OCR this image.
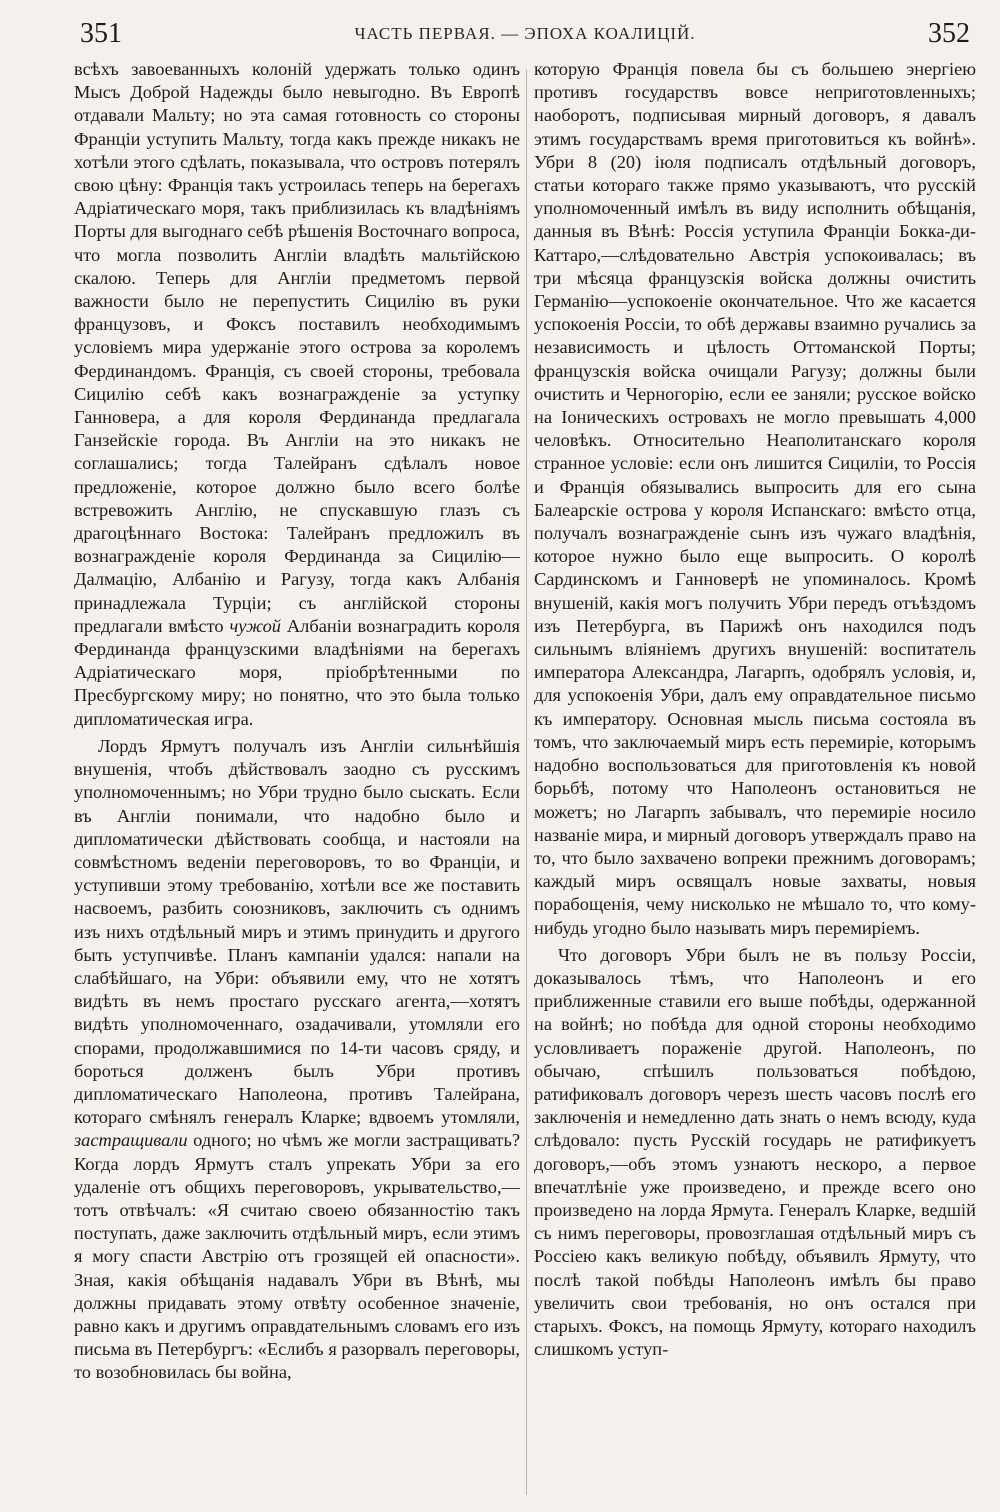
351	ЧАСТЬ ПЕРВАЯ. — ЭПОХА КОАЛИЦІЙ.	352

всѣхъ завоеванныхъ колоній удержать только одинъ Мысъ Доброй Надежды было невыгодно. Въ Европѣ отдавали Мальту; но эта самая готовность со стороны Франціи уступить Мальту, тогда какъ прежде никакъ не хотѣли этого сдѣлать, показывала, что островъ потерялъ свою цѣну: Франція такъ устроилась теперь на берегахъ Адріатическаго моря, такъ приблизилась къ владѣніямъ Порты для выгоднаго себѣ рѣшенія Восточнаго вопроса, что могла позволить Англіи владѣть мальтійскою скалою. Теперь для Англіи предметомъ первой важности было не перепустить Сицилію въ руки французовъ, и Фоксъ поставилъ необходимымъ условіемъ мира удержаніе этого острова за королемъ Фердинандомъ. Франція, съ своей стороны, требовала Сицилію себѣ какъ вознагражденіе за уступку Ганновера, а для короля Фердинанда предлагала Ганзейскіе города. Въ Англіи на это никакъ не соглашались; тогда Талейранъ сдѣлалъ новое предложеніе, которое должно было всего болѣе встревожить Англію, не спускавшую глазъ съ драгоцѣннаго Востока: Талейранъ предложилъ въ вознагражденіе короля Фердинанда за Сицилію—Далмацію, Албанію и Рагузу, тогда какъ Албанія принадлежала Турціи; съ англійской стороны предлагали вмѣсто чужой Албаніи вознаградить короля Фердинанда французскими владѣніями на берегахъ Адріатическаго моря, пріобрѣтенными по Пресбургскому миру; но понятно, что это была только дипломатическая игра.

Лордъ Ярмутъ получалъ изъ Англіи сильнѣйшія внушенія, чтобъ дѣйствовалъ заодно съ русскимъ уполномоченнымъ; но Убри трудно было сыскать. Если въ Англіи понимали, что надобно было и дипломатически дѣйствовать сообща, и настояли на совмѣстномъ веденіи переговоровъ, то во Франціи, и уступивши этому требованію, хотѣли все же поставить насвоемъ, разбить союзниковъ, заключить съ однимъ изъ нихъ отдѣльный миръ и этимъ принудить и другого быть уступчивѣе. Планъ кампаніи удался: напали на слабѣйшаго, на Убри: объявили ему, что не хотятъ видѣть въ немъ простаго русскаго агента,—хотятъ видѣть уполномоченнаго, озадачивали, утомляли его спорами, продолжавшимися по 14-ти часовъ сряду, и бороться долженъ былъ Убри противъ дипломатическаго Наполеона, противъ Талейрана, котораго смѣнялъ генералъ Кларке; вдвоемъ утомляли, застращивали одного; но чѣмъ же могли застращивать? Когда лордъ Ярмутъ сталъ упрекать Убри за его удаленіе отъ общихъ переговоровъ, укрывательство,—тотъ отвѣчалъ: «Я считаю своею обязанностію такъ поступать, даже заключить отдѣльный миръ, если этимъ я могу спасти Австрію отъ грозящей ей опасности». Зная, какія обѣщанія надавалъ Убри въ Вѣнѣ, мы должны придавать этому отвѣту особенное значеніе, равно какъ и другимъ оправдательнымъ словамъ его изъ письма въ Петербургъ: «Еслибъ я разорвалъ переговоры, то возобновилась бы война,

которую Франція повела бы съ большею энергіею противъ государствъ вовсе неприготовленныхъ; наоборотъ, подписывая мирный договоръ, я давалъ этимъ государствамъ время приготовиться къ войнѣ». Убри 8 (20) іюля подписалъ отдѣльный договоръ, статьи котораго также прямо указываютъ, что русскій уполномоченный имѣлъ въ виду исполнить обѣщанія, данныя въ Вѣнѣ: Россія уступила Франціи Бокка-ди-Каттаро,—слѣдовательно Австрія успокоивалась; въ три мѣсяца французскія войска должны очистить Германію—успокоеніе окончательное. Что же касается успокоенія Россіи, то обѣ державы взаимно ручались за независимость и цѣлость Оттоманской Порты; французскія войска очищали Рагузу; должны были очистить и Черногорію, если ее заняли; русское войско на Іоническихъ островахъ не могло превышать 4,000 человѣкъ. Относительно Неаполитанскаго короля странное условіе: если онъ лишится Сициліи, то Россія и Франція обязывались выпросить для его сына Балеарскіе острова у короля Испанскаго: вмѣсто отца, получалъ вознагражденіе сынъ изъ чужаго владѣнія, которое нужно было еще выпросить. О королѣ Сардинскомъ и Ганноверѣ не упоминалось. Кромѣ внушеній, какія могъ получить Убри передъ отъѣздомъ изъ Петербурга, въ Парижѣ онъ находился подъ сильнымъ вліяніемъ другихъ внушеній: воспитатель императора Александра, Лагарпъ, одобрялъ условія, и, для успокоенія Убри, далъ ему оправдательное письмо къ императору. Основная мысль письма состояла въ томъ, что заключаемый миръ есть перемиріе, которымъ надобно воспользоваться для приготовленія къ новой борьбѣ, потому что Наполеонъ остановиться не можетъ; но Лагарпъ забывалъ, что перемиріе носило названіе мира, и мирный договоръ утверждалъ право на то, что было захвачено вопреки прежнимъ договорамъ; каждый миръ освящалъ новые захваты, новыя порабощенія, чему нисколько не мѣшало то, что кому-нибудь угодно было называть миръ перемиріемъ.

Что договоръ Убри былъ не въ пользу Россіи, доказывалось тѣмъ, что Наполеонъ и его приближенные ставили его выше побѣды, одержанной на войнѣ; но побѣда для одной стороны необходимо условливаетъ пораженіе другой. Наполеонъ, по обычаю, спѣшилъ пользоваться побѣдою, ратификовалъ договоръ черезъ шесть часовъ послѣ его заключенія и немедленно дать знать о немъ всюду, куда слѣдовало: пусть Русскій государь не ратификуетъ договоръ,—объ этомъ узнаютъ нескоро, а первое впечатлѣніе уже произведено, и прежде всего оно произведено на лорда Ярмута. Генералъ Кларке, ведшій съ нимъ переговоры, провозглашая отдѣльный миръ съ Россіею какъ великую побѣду, объявилъ Ярмуту, что послѣ такой побѣды Наполеонъ имѣлъ бы право увеличить свои требованія, но онъ остался при старыхъ. Фоксъ, на помощь Ярмуту, котораго находилъ слишкомъ уступ-
